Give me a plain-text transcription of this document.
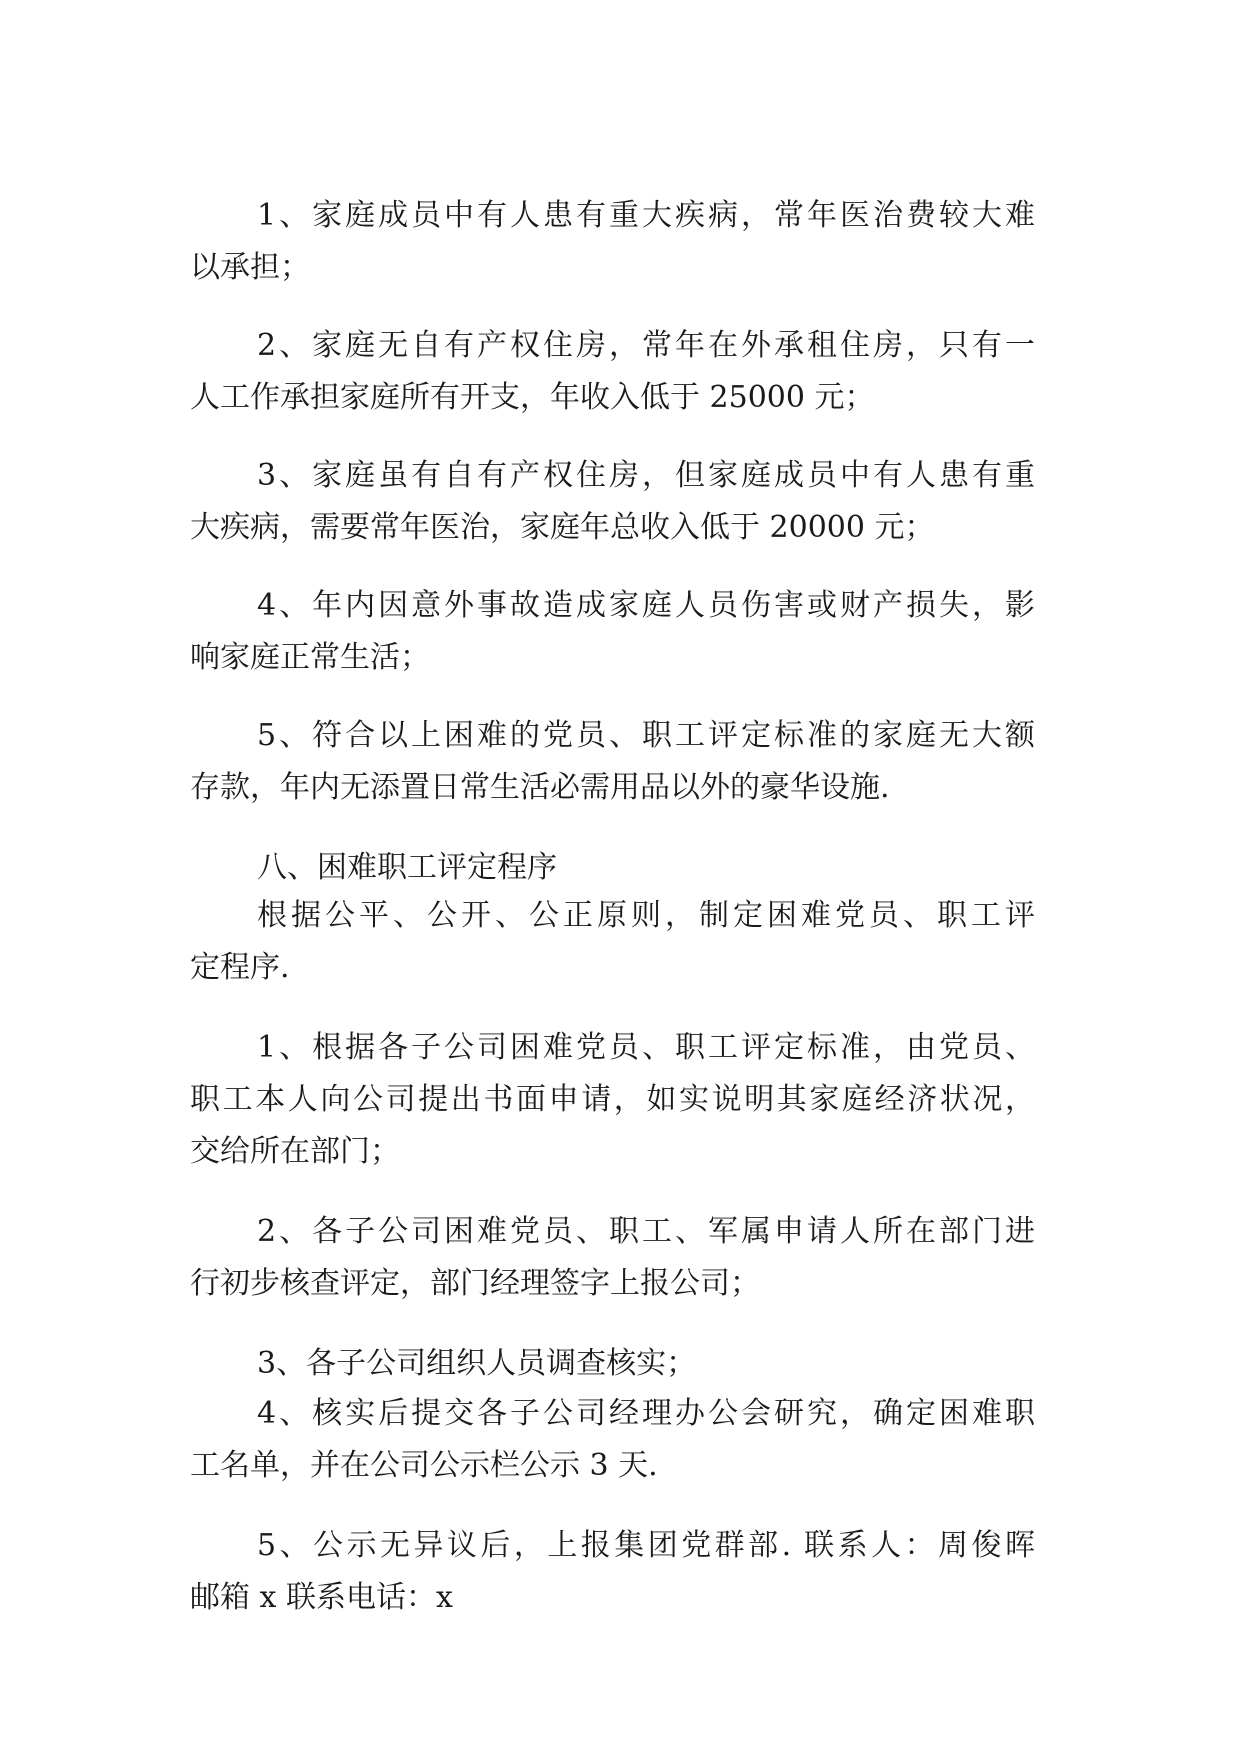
1、家庭成员中有人患有重大疾病，常年医治费较大难
以承担；
2、家庭无自有产权住房，常年在外承租住房，只有一
人工作承担家庭所有开支，年收入低于 25000 元；
3、家庭虽有自有产权住房，但家庭成员中有人患有重
大疾病，需要常年医治，家庭年总收入低于 20000 元；
4、年内因意外事故造成家庭人员伤害或财产损失，影
响家庭正常生活；
5、符合以上困难的党员、职工评定标准的家庭无大额
存款，年内无添置日常生活必需用品以外的豪华设施.
八、困难职工评定程序
根据公平、公开、公正原则，制定困难党员、职工评
定程序.
1、根据各子公司困难党员、职工评定标准，由党员、
职工本人向公司提出书面申请，如实说明其家庭经济状况，
交给所在部门；
2、各子公司困难党员、职工、军属申请人所在部门进
行初步核查评定，部门经理签字上报公司；
3、各子公司组织人员调查核实；
4、核实后提交各子公司经理办公会研究，确定困难职
工名单，并在公司公示栏公示 3 天.
5、公示无异议后，上报集团党群部. 联系人：周俊晖
邮箱 x 联系电话：x
